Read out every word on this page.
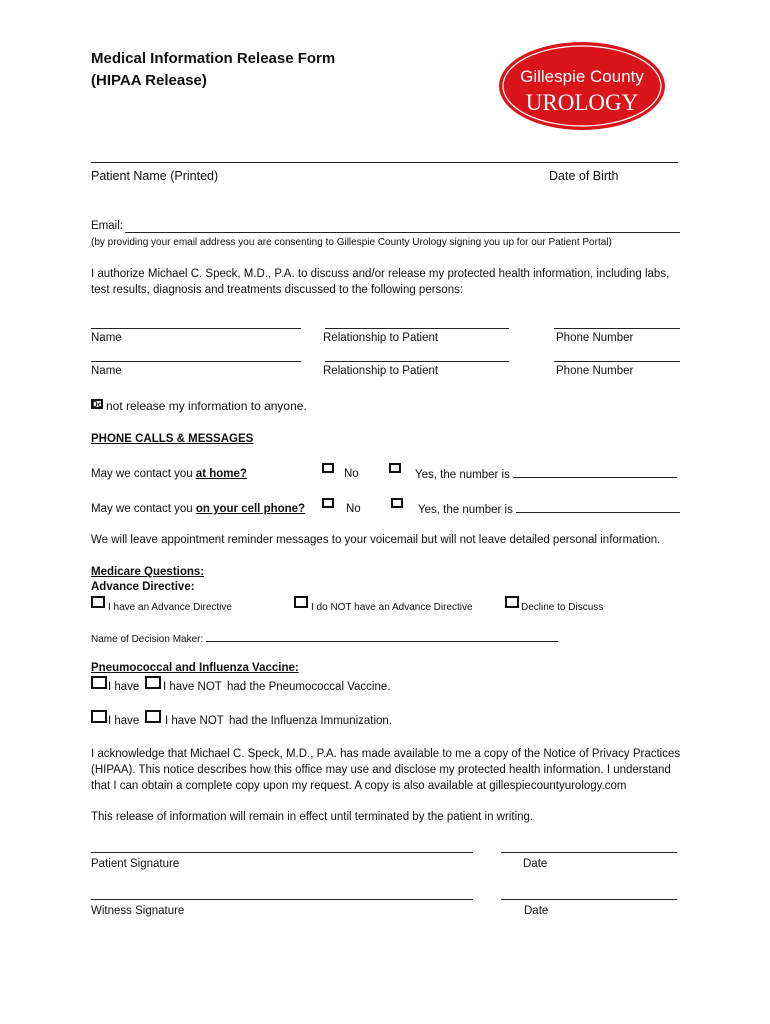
Medical Information Release Form
(HIPAA Release)	Gillespie County
UROLOGY
Patient Name (Printed)	Date of Birth
Email:
(by providing your email address you are consenting to Gillespie County Urology signing you up for our Patient Portal)
I authorize Michael C. Speck, M.D., P.A. to discuss and/or release my protected health information, including labs,
test results, diagnosis and treatments discussed to the following persons:
Name	Relationship to Patient	Phone Number
Name	Relationship to Patient	Phone Number
Do not release my information to anyone.
PHONE CALLS & MESSAGES
May we contact you at home?	No	Yes, the number is
May we contact you on your cell phone?	No	Yes, the number is
We will leave appointment reminder messages to your voicemail but will not leave detailed personal information.
Medicare Questions:
Advance Directive:
I have an Advance Directive	I do NOT have an Advance Directive	Decline to Discuss
Name of Decision Maker:
Pneumococcal and Influenza Vaccine:
I have I have NOT had the Pneumococcal Vaccine.
I have I have NOT had the Influenza Immunization.
I acknowledge that Michael C. Speck, M.D., P.A. has made available to me a copy of the Notice of Privacy Practices
(HIPAA). This notice describes how this office may use and disclose my protected health information. I understand
that I can obtain a complete copy upon my request. A copy is also available at gillespiecountyurology.com
This release of information will remain in effect until terminated by the patient in writing.
Patient Signature	Date
Witness Signature	Date
